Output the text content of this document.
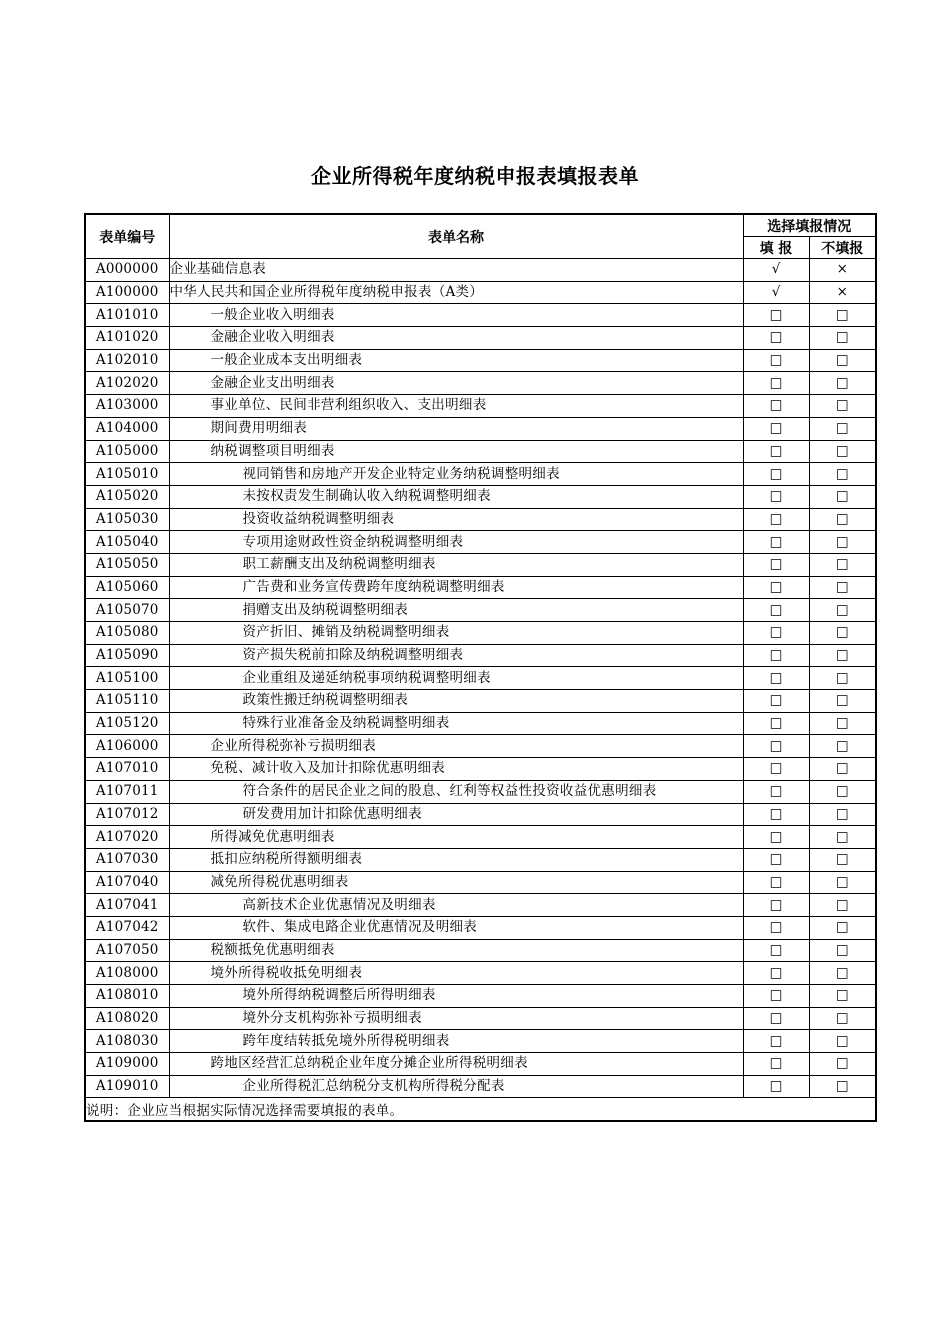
企业所得税年度纳税申报表填报表单
表单编号	表单名称	选择填报情况	
		填 报	不填报
A000000	企业基础信息表	√	×
A100000	中华人民共和国企业所得税年度纳税申报表（A类）	√	×
A101010	一般企业收入明细表	□	□
A101020	金融企业收入明细表	□	□
A102010	一般企业成本支出明细表	□	□
A102020	金融企业支出明细表	□	□
A103000	事业单位、民间非营利组织收入、支出明细表	□	□
A104000	期间费用明细表	□	□
A105000	纳税调整项目明细表	□	□
A105010	视同销售和房地产开发企业特定业务纳税调整明细表	□	□
A105020	未按权责发生制确认收入纳税调整明细表	□	□
A105030	投资收益纳税调整明细表	□	□
A105040	专项用途财政性资金纳税调整明细表	□	□
A105050	职工薪酬支出及纳税调整明细表	□	□
A105060	广告费和业务宣传费跨年度纳税调整明细表	□	□
A105070	捐赠支出及纳税调整明细表	□	□
A105080	资产折旧、摊销及纳税调整明细表	□	□
A105090	资产损失税前扣除及纳税调整明细表	□	□
A105100	企业重组及递延纳税事项纳税调整明细表	□	□
A105110	政策性搬迁纳税调整明细表	□	□
A105120	特殊行业准备金及纳税调整明细表	□	□
A106000	企业所得税弥补亏损明细表	□	□
A107010	免税、减计收入及加计扣除优惠明细表	□	□
A107011	符合条件的居民企业之间的股息、红利等权益性投资收益优惠明细表	□	□
A107012	研发费用加计扣除优惠明细表	□	□
A107020	所得减免优惠明细表	□	□
A107030	抵扣应纳税所得额明细表	□	□
A107040	减免所得税优惠明细表	□	□
A107041	高新技术企业优惠情况及明细表	□	□
A107042	软件、集成电路企业优惠情况及明细表	□	□
A107050	税额抵免优惠明细表	□	□
A108000	境外所得税收抵免明细表	□	□
A108010	境外所得纳税调整后所得明细表	□	□
A108020	境外分支机构弥补亏损明细表	□	□
A108030	跨年度结转抵免境外所得税明细表	□	□
A109000	跨地区经营汇总纳税企业年度分摊企业所得税明细表	□	□
A109010	企业所得税汇总纳税分支机构所得税分配表	□	□
说明：企业应当根据实际情况选择需要填报的表单。			
